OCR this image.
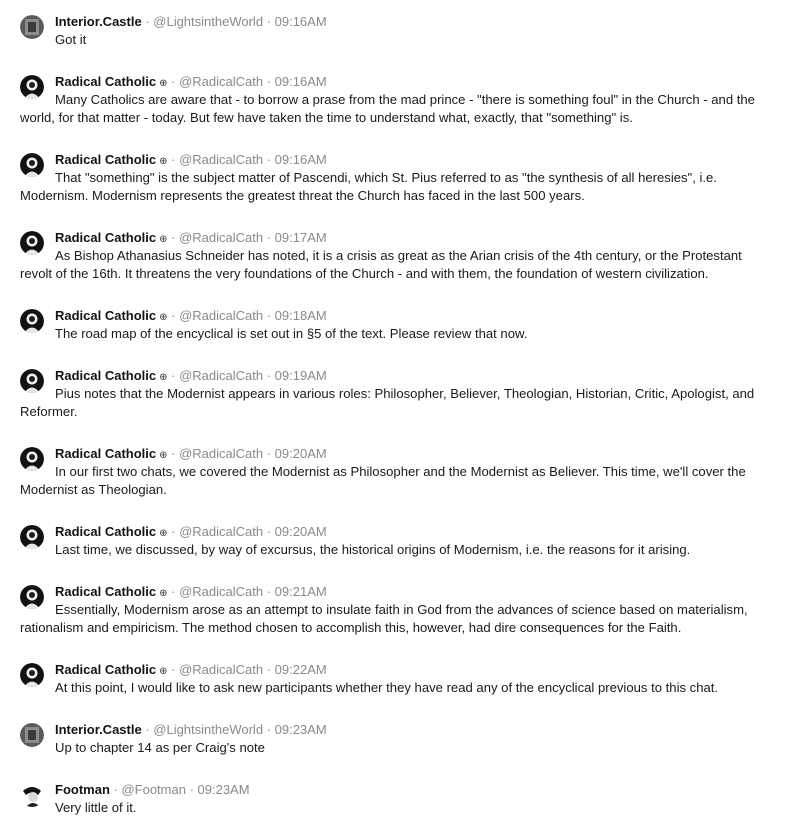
Interior.Castle · @LightsintheWorld · 09:16AM
Got it
Radical Catholic ⊕ · @RadicalCath · 09:16AM
Many Catholics are aware that - to borrow a prase from the mad prince - "there is something foul" in the Church - and the world, for that matter - today. But few have taken the time to understand what, exactly, that "something" is.
Radical Catholic ⊕ · @RadicalCath · 09:16AM
That "something" is the subject matter of Pascendi, which St. Pius referred to as "the synthesis of all heresies", i.e. Modernism. Modernism represents the greatest threat the Church has faced in the last 500 years.
Radical Catholic ⊕ · @RadicalCath · 09:17AM
As Bishop Athanasius Schneider has noted, it is a crisis as great as the Arian crisis of the 4th century, or the Protestant revolt of the 16th. It threatens the very foundations of the Church - and with them, the foundation of western civilization.
Radical Catholic ⊕ · @RadicalCath · 09:18AM
The road map of the encyclical is set out in §5 of the text. Please review that now.
Radical Catholic ⊕ · @RadicalCath · 09:19AM
Pius notes that the Modernist appears in various roles: Philosopher, Believer, Theologian, Historian, Critic, Apologist, and Reformer.
Radical Catholic ⊕ · @RadicalCath · 09:20AM
In our first two chats, we covered the Modernist as Philosopher and the Modernist as Believer. This time, we'll cover the Modernist as Theologian.
Radical Catholic ⊕ · @RadicalCath · 09:20AM
Last time, we discussed, by way of excursus, the historical origins of Modernism, i.e. the reasons for it arising.
Radical Catholic ⊕ · @RadicalCath · 09:21AM
Essentially, Modernism arose as an attempt to insulate faith in God from the advances of science based on materialism, rationalism and empiricism. The method chosen to accomplish this, however, had dire consequences for the Faith.
Radical Catholic ⊕ · @RadicalCath · 09:22AM
At this point, I would like to ask new participants whether they have read any of the encyclical previous to this chat.
Interior.Castle · @LightsintheWorld · 09:23AM
Up to chapter 14 as per Craig's note
Footman · @Footman · 09:23AM
Very little of it.
